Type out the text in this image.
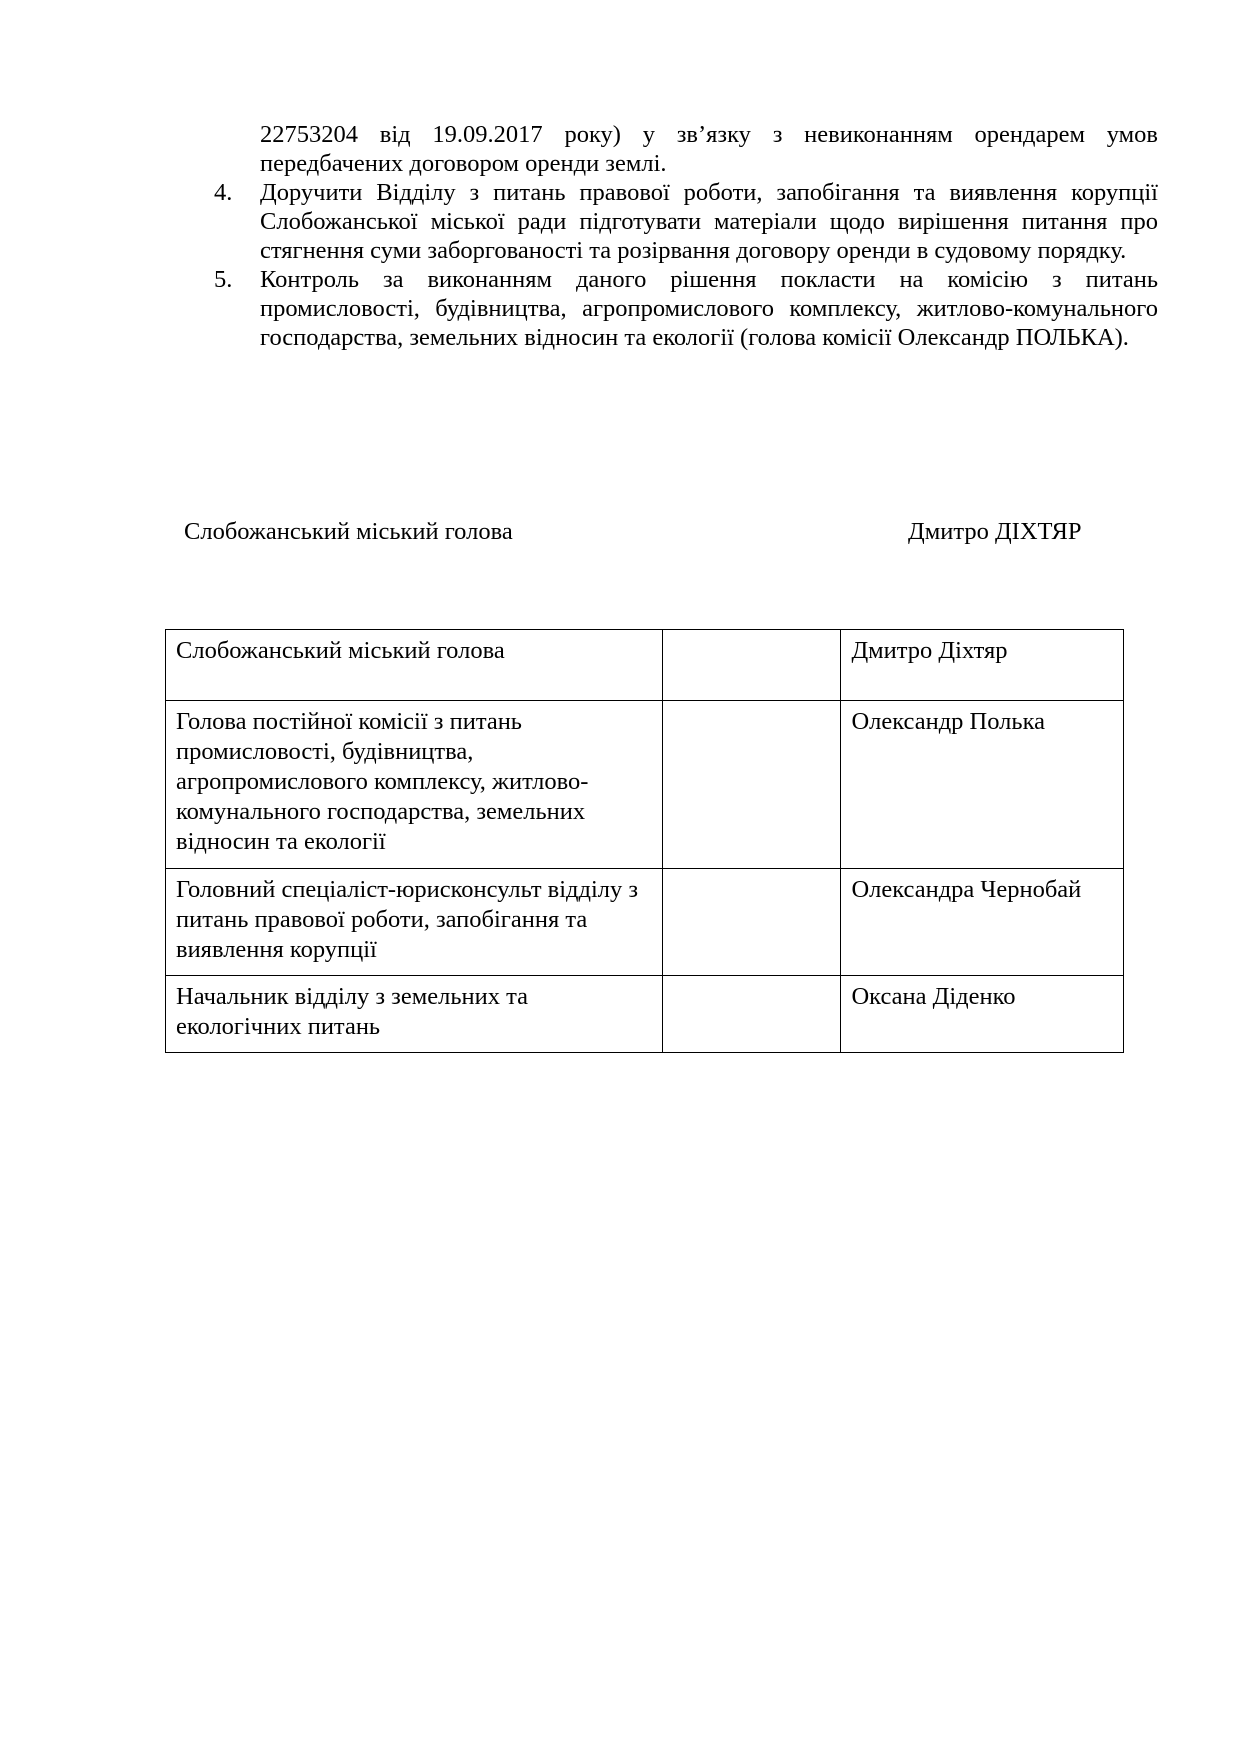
22753204 від 19.09.2017 року) у зв’язку з невиконанням орендарем умов передбачених договором оренди землі.
4.	Доручити Відділу з питань правової роботи, запобігання та виявлення корупції Слобожанської міської ради підготувати матеріали щодо вирішення питання про стягнення суми заборгованості та розірвання договору оренди в судовому порядку.
5.	Контроль за виконанням даного рішення покласти на комісію з питань промисловості, будівництва, агропромислового комплексу, житлово-комунального господарства, земельних відносин та екології (голова комісії Олександр ПОЛЬКА).
Слобожанський міський голова	Дмитро ДІХТЯР
Слобожанський міський голова		Дмитро Діхтяр
Голова постійної комісії з питань промисловості, будівництва, агропромислового комплексу, житлово-комунального господарства, земельних відносин та екології		Олександр Полька
Головний спеціаліст-юрисконсульт відділу з питань правової роботи, запобігання та виявлення корупції		Олександра Чернобай
Начальник відділу з земельних та екологічних питань		Оксана Діденко
